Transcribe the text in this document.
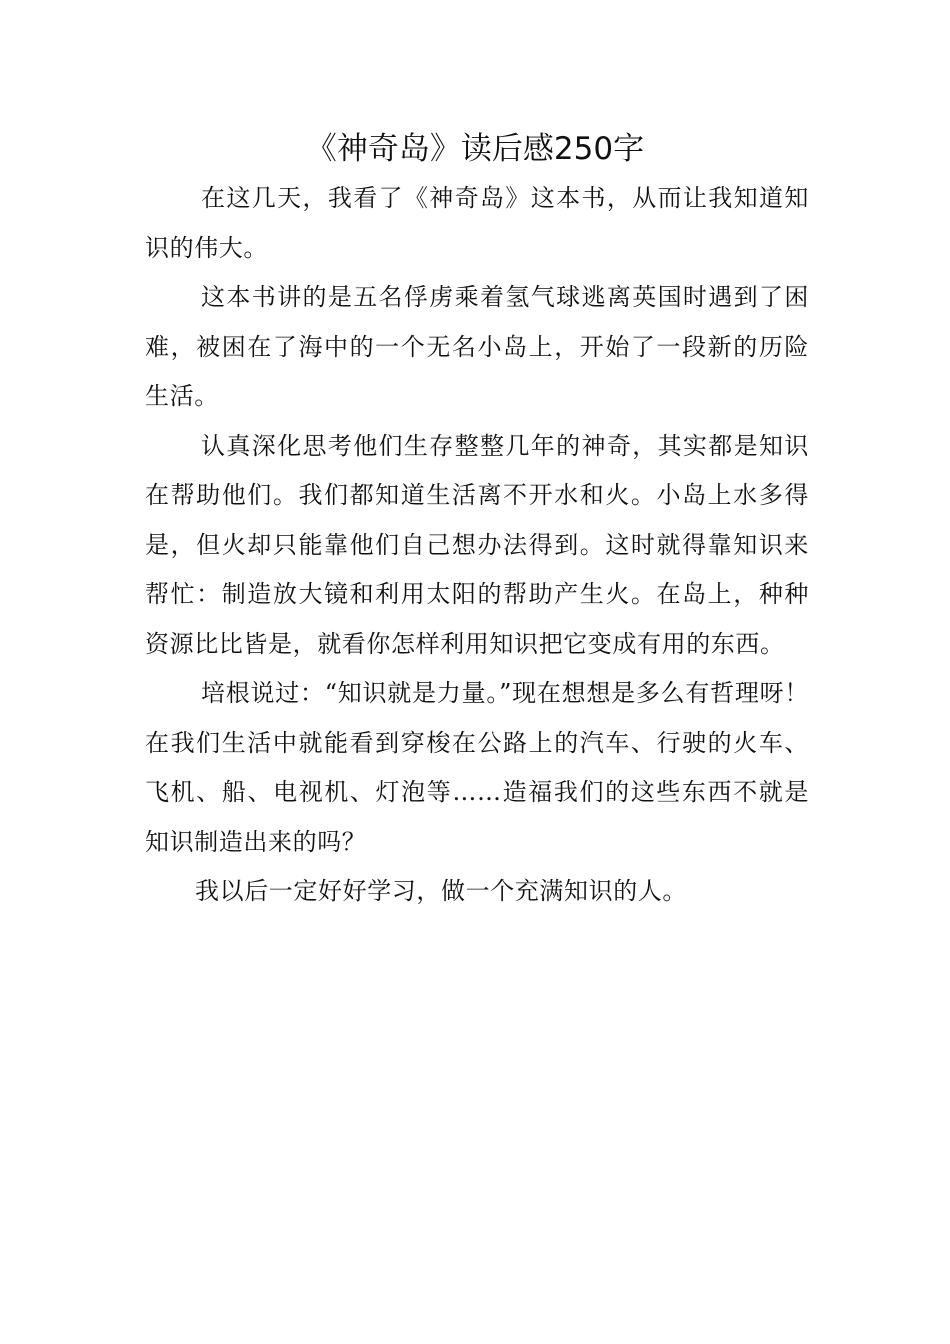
《神奇岛》读后感250字

在这几天，我看了《神奇岛》这本书，从而让我知道知识的伟大。

这本书讲的是五名俘虏乘着氢气球逃离英国时遇到了困难，被困在了海中的一个无名小岛上，开始了一段新的历险生活。

认真深化思考他们生存整整几年的神奇，其实都是知识在帮助他们。我们都知道生活离不开水和火。小岛上水多得是，但火却只能靠他们自己想办法得到。这时就得靠知识来帮忙：制造放大镜和利用太阳的帮助产生火。在岛上，种种资源比比皆是，就看你怎样利用知识把它变成有用的东西。

培根说过：“知识就是力量。”现在想想是多么有哲理呀！在我们生活中就能看到穿梭在公路上的汽车、行驶的火车、飞机、船、电视机、灯泡等……造福我们的这些东西不就是知识制造出来的吗？

我以后一定好好学习，做一个充满知识的人。
